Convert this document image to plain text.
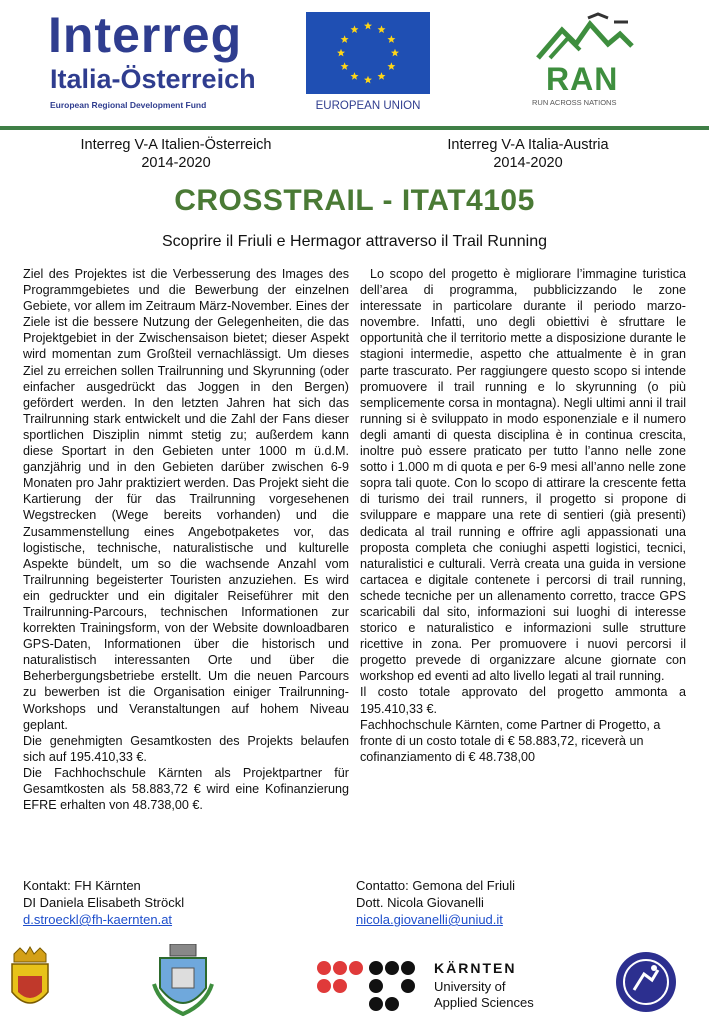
Interreg
Italia-Österreich
European Regional Development Fund	EUROPEAN UNION
RAN
RUN ACROSS NATIONS
Interreg V-A Italien-Österreich
2014-2020
Interreg V-A Italia-Austria
2014-2020
CROSSTRAIL - ITAT4105
Scoprire il Friuli e Hermagor attraverso il Trail Running

Ziel des Projektes ist die Verbesserung des Images des Programmgebietes und die Bewerbung der einzelnen Gebiete, vor allem im Zeitraum März-November. Eines der Ziele ist die bessere Nutzung der Gelegenheiten, die das Projektgebiet in der Zwischensaison bietet; dieser Aspekt wird momentan zum Großteil vernachlässigt. Um dieses Ziel zu erreichen sollen Trailrunning und Skyrunning (oder einfacher ausgedrückt das Joggen in den Bergen) gefördert werden. In den letzten Jahren hat sich das Trailrunning stark entwickelt und die Zahl der Fans dieser sportlichen Disziplin nimmt stetig zu; außerdem kann diese Sportart in den Gebieten unter 1000 m ü.d.M. ganzjährig und in den Gebieten darüber zwischen 6-9 Monaten pro Jahr praktiziert werden. Das Projekt sieht die Kartierung der für das Trailrunning vorgesehenen Wegstrecken (Wege bereits vorhanden) und die Zusammenstellung eines Angebotpaketes vor, das logistische, technische, naturalistische und kulturelle Aspekte bündelt, um so die wachsende Anzahl vom Trailrunning begeisterter Touristen anzuziehen. Es wird ein gedruckter und ein digitaler Reiseführer mit den Trailrunning-Parcours, technischen Informationen zur korrekten Trainingsform, von der Website downloadbaren GPS-Daten, Informationen über die historisch und naturalistisch interessanten Orte und über die Beherbergungsbetriebe erstellt. Um die neuen Parcours zu bewerben ist die Organisation einiger Trailrunning-Workshops und Veranstaltungen auf hohem Niveau geplant.

Die genehmigten Gesamtkosten des Projekts belaufen sich auf 195.410,33 €.

Die Fachhochschule Kärnten als Projektpartner für Gesamtkosten als 58.883,72 € wird eine Kofinanzierung EFRE erhalten von 48.738,00 €.

Lo scopo del progetto è migliorare l’immagine turistica dell’area di programma, pubblicizzando le zone interessate in particolare durante il periodo marzo-novembre. Infatti, uno degli obiettivi è sfruttare le opportunità che il territorio mette a disposizione durante le stagioni intermedie, aspetto che attualmente è in gran parte trascurato. Per raggiungere questo scopo si intende promuovere il trail running e lo skyrunning (o più semplicemente corsa in montagna). Negli ultimi anni il trail running si è sviluppato in modo esponenziale e il numero degli amanti di questa disciplina è in continua crescita, inoltre può essere praticato per tutto l’anno nelle zone sotto i 1.000 m di quota e per 6-9 mesi all’anno nelle zone sopra tali quote. Con lo scopo di attirare la crescente fetta di turismo dei trail runners, il progetto si propone di sviluppare e mappare una rete di sentieri (già presenti) dedicata al trail running e offrire agli appassionati una proposta completa che coniughi aspetti logistici, tecnici, naturalistici e culturali. Verrà creata una guida in versione cartacea e digitale contenete i percorsi di trail running, schede tecniche per un allenamento corretto, tracce GPS scaricabili dal sito, informazioni sui luoghi di interesse storico e naturalistico e informazioni sulle strutture ricettive in zona. Per promuovere i nuovi percorsi il progetto prevede di organizzare alcune giornate con workshop ed eventi ad alto livello legati al trail running.

Il costo totale approvato del progetto ammonta a 195.410,33 €.

Fachhochschule Kärnten, come Partner di Progetto, a fronte di un costo totale di € 58.883,72, riceverà un cofinanziamento di € 48.738,00

Kontakt: FH Kärnten
DI Daniela Elisabeth Ströckl
d.stroeckl@fh-kaernten.at
Contatto: Gemona del Friuli
Dott. Nicola Giovanelli
nicola.giovanelli@uniud.it
KÄRNTEN
University of
Applied Sciences
